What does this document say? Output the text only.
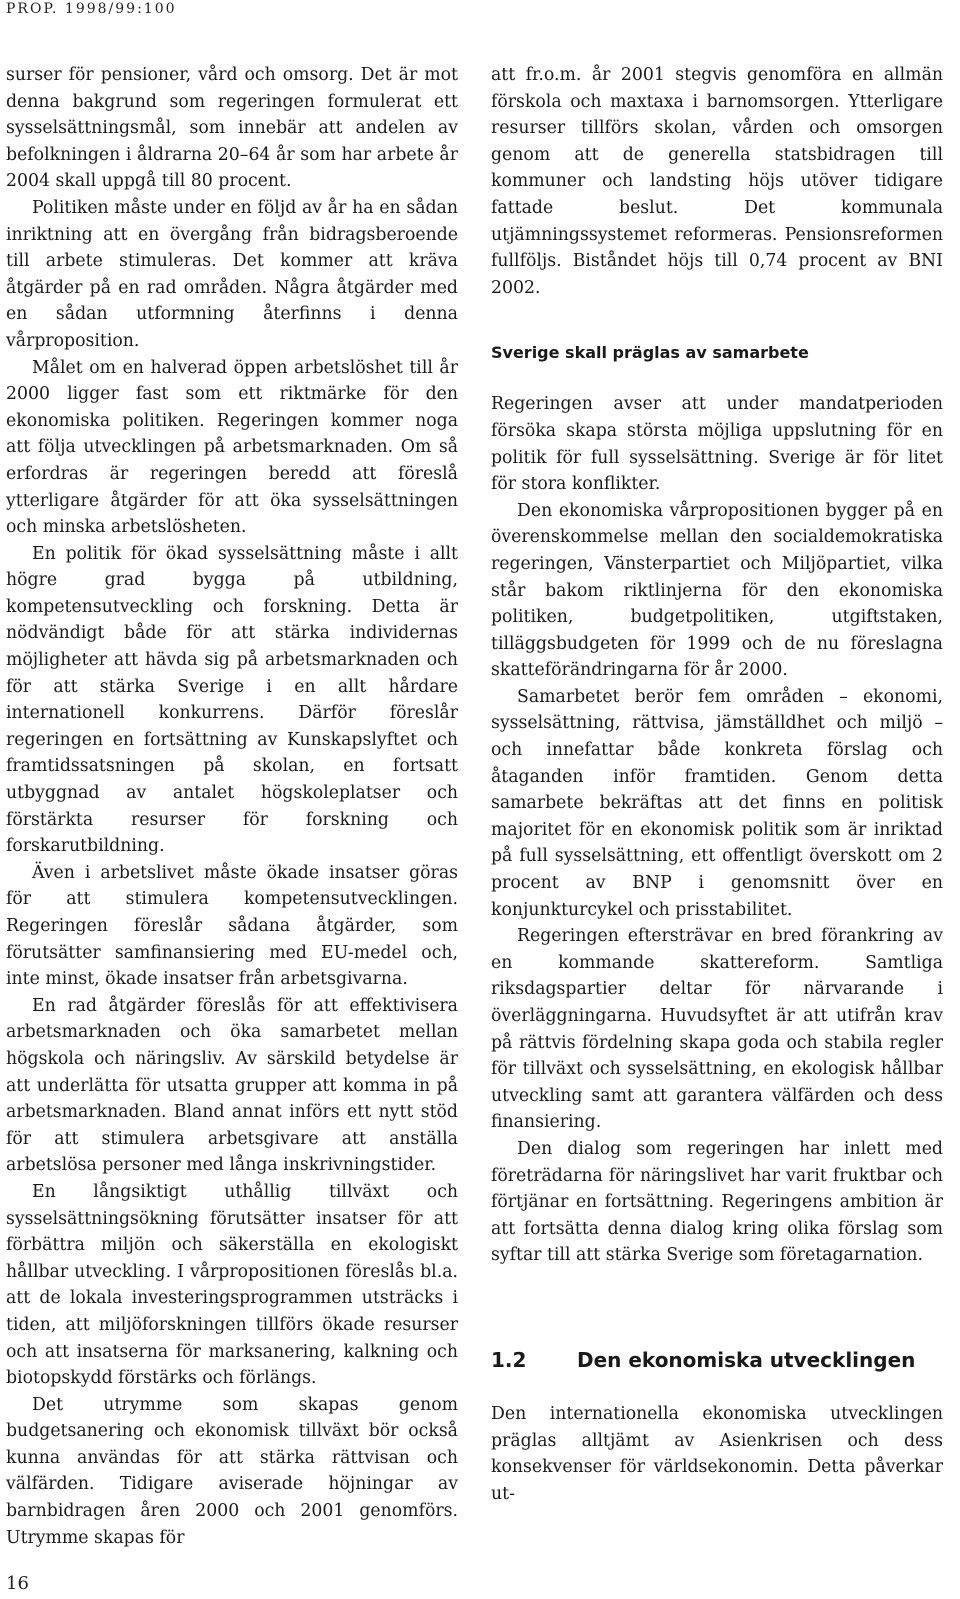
PROP. 1998/99:100

surser för pensioner, vård och omsorg. Det är mot denna bakgrund som regeringen formulerat ett sysselsättningsmål, som innebär att andelen av befolkningen i åldrarna 20–64 år som har arbete år 2004 skall uppgå till 80 procent.

Politiken måste under en följd av år ha en sådan inriktning att en övergång från bidragsberoende till arbete stimuleras. Det kommer att kräva åtgärder på en rad områden. Några åtgärder med en sådan utformning återfinns i denna vårproposition.

Målet om en halverad öppen arbetslöshet till år 2000 ligger fast som ett riktmärke för den ekonomiska politiken. Regeringen kommer noga att följa utvecklingen på arbetsmarknaden. Om så erfordras är regeringen beredd att föreslå ytterligare åtgärder för att öka sysselsättningen och minska arbetslösheten.

En politik för ökad sysselsättning måste i allt högre grad bygga på utbildning, kompetensutveckling och forskning. Detta är nödvändigt både för att stärka individernas möjligheter att hävda sig på arbetsmarknaden och för att stärka Sverige i en allt hårdare internationell konkurrens. Därför föreslår regeringen en fortsättning av Kunskapslyftet och framtidssatsningen på skolan, en fortsatt utbyggnad av antalet högskoleplatser och förstärkta resurser för forskning och forskarutbildning.

Även i arbetslivet måste ökade insatser göras för att stimulera kompetensutvecklingen. Regeringen föreslår sådana åtgärder, som förutsätter samfinansiering med EU-medel och, inte minst, ökade insatser från arbetsgivarna.

En rad åtgärder föreslås för att effektivisera arbetsmarknaden och öka samarbetet mellan högskola och näringsliv. Av särskild betydelse är att underlätta för utsatta grupper att komma in på arbetsmarknaden. Bland annat införs ett nytt stöd för att stimulera arbetsgivare att anställa arbetslösa personer med långa inskrivningstider.

En långsiktigt uthållig tillväxt och sysselsättningsökning förutsätter insatser för att förbättra miljön och säkerställa en ekologiskt hållbar utveckling. I vårpropositionen föreslås bl.a. att de lokala investeringsprogrammen utsträcks i tiden, att miljöforskningen tillförs ökade resurser och att insatserna för marksanering, kalkning och biotopskydd förstärks och förlängs.

Det utrymme som skapas genom budgetsanering och ekonomisk tillväxt bör också kunna användas för att stärka rättvisan och välfärden. Tidigare aviserade höjningar av barnbidragen åren 2000 och 2001 genomförs. Utrymme skapas för

att fr.o.m. år 2001 stegvis genomföra en allmän förskola och maxtaxa i barnomsorgen. Ytterligare resurser tillförs skolan, vården och omsorgen genom att de generella statsbidragen till kommuner och landsting höjs utöver tidigare fattade beslut. Det kommunala utjämningssystemet reformeras. Pensionsreformen fullföljs. Biståndet höjs till 0,74 procent av BNI 2002.

Sverige skall präglas av samarbete

Regeringen avser att under mandatperioden försöka skapa största möjliga uppslutning för en politik för full sysselsättning. Sverige är för litet för stora konflikter.

Den ekonomiska vårpropositionen bygger på en överenskommelse mellan den socialdemokratiska regeringen, Vänsterpartiet och Miljöpartiet, vilka står bakom riktlinjerna för den ekonomiska politiken, budgetpolitiken, utgiftstaken, tilläggsbudgeten för 1999 och de nu föreslagna skatteförändringarna för år 2000.

Samarbetet berör fem områden – ekonomi, sysselsättning, rättvisa, jämställdhet och miljö – och innefattar både konkreta förslag och åtaganden inför framtiden. Genom detta samarbete bekräftas att det finns en politisk majoritet för en ekonomisk politik som är inriktad på full sysselsättning, ett offentligt överskott om 2 procent av BNP i genomsnitt över en konjunkturcykel och prisstabilitet.

Regeringen eftersträvar en bred förankring av en kommande skattereform. Samtliga riksdagspartier deltar för närvarande i överläggningarna. Huvudsyftet är att utifrån krav på rättvis fördelning skapa goda och stabila regler för tillväxt och sysselsättning, en ekologisk hållbar utveckling samt att garantera välfärden och dess finansiering.

Den dialog som regeringen har inlett med företrädarna för näringslivet har varit fruktbar och förtjänar en fortsättning. Regeringens ambition är att fortsätta denna dialog kring olika förslag som syftar till att stärka Sverige som företagarnation.

1.2	Den ekonomiska utvecklingen

Den internationella ekonomiska utvecklingen präglas alltjämt av Asienkrisen och dess konsekvenser för världsekonomin. Detta påverkar ut-

16
